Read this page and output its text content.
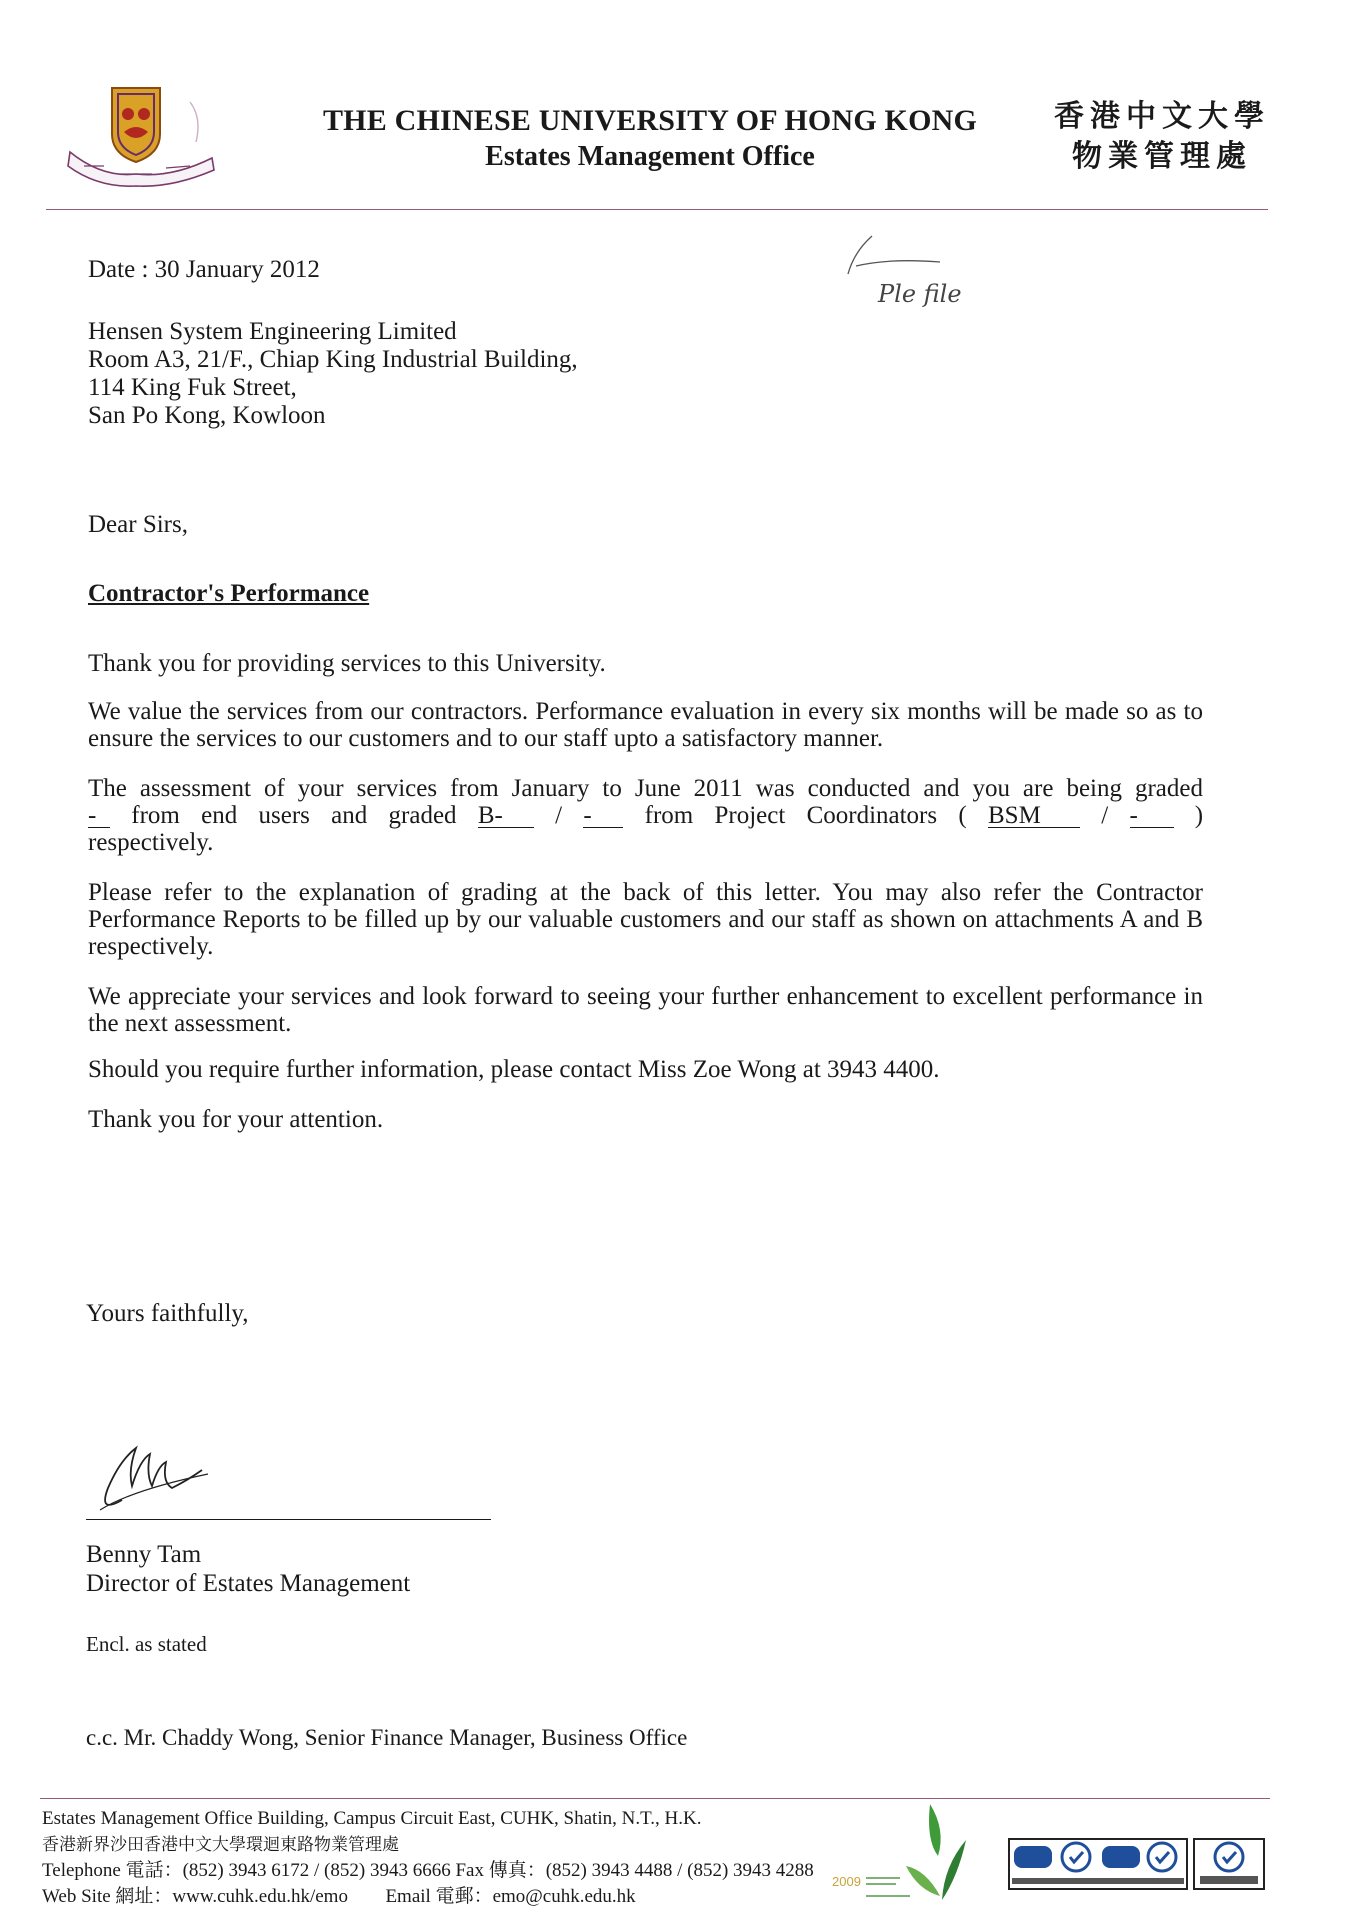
THE CHINESE UNIVERSITY OF HONG KONG
Estates Management Office
香港中文大學
物業管理處
Ple file
Date : 30 January 2012
Hensen System Engineering Limited
Room A3, 21/F., Chiap King Industrial Building,
114 King Fuk Street,
San Po Kong, Kowloon
Dear Sirs,
Contractor's Performance
Thank you for providing services to this University.
We value the services from our contractors. Performance evaluation in every six months will be made so as to ensure the services to our customers and to our staff upto a satisfactory manner.
The assessment of your services from January to June 2011 was conducted and you are being graded
- from end users and graded B- / - from Project Coordinators ( BSM / - )
respectively.
Please refer to the explanation of grading at the back of this letter. You may also refer the Contractor Performance Reports to be filled up by our valuable customers and our staff as shown on attachments A and B respectively.
We appreciate your services and look forward to seeing your further enhancement to excellent performance in the next assessment.
Should you require further information, please contact Miss Zoe Wong at 3943 4400.
Thank you for your attention.
Yours faithfully,
Benny Tam
Director of Estates Management
Encl. as stated
c.c. Mr. Chaddy Wong, Senior Finance Manager, Business Office
Estates Management Office Building, Campus Circuit East, CUHK, Shatin, N.T., H.K.
香港新界沙田香港中文大學環迴東路物業管理處
Telephone 電話：(852) 3943 6172 / (852) 3943 6666 Fax 傳真：(852) 3943 4488 / (852) 3943 4288
Web Site 網址：www.cuhk.edu.hk/emo Email 電郵：emo@cuhk.edu.hk
2009
